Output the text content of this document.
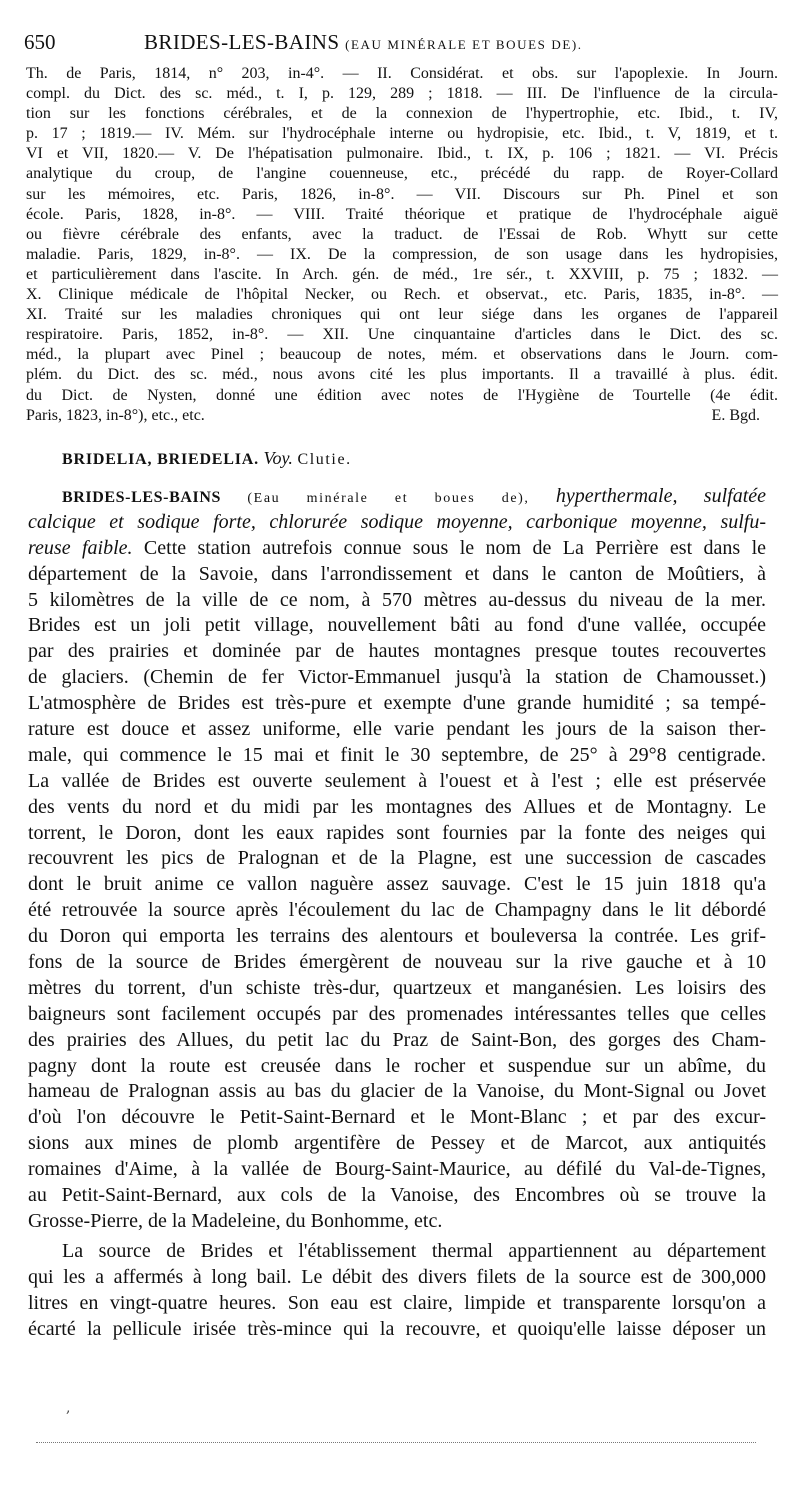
650	BRIDES-LES-BAINS (EAU MINÉRALE ET BOUES DE).
Th. de Paris, 1814, n° 203, in-4°. — II. Considérat. et obs. sur l'apoplexie. In Journ.
compl. du Dict. des sc. méd., t. I, p. 129, 289 ; 1818. — III. De l'influence de la circula-
tion sur les fonctions cérébrales, et de la connexion de l'hypertrophie, etc. Ibid., t. IV,
p. 17 ; 1819.— IV. Mém. sur l'hydrocéphale interne ou hydropisie, etc. Ibid., t. V, 1819, et t.
VI et VII, 1820.— V. De l'hépatisation pulmonaire. Ibid., t. IX, p. 106 ; 1821. — VI. Précis
analytique du croup, de l'angine couenneuse, etc., précédé du rapp. de Royer-Collard
sur les mémoires, etc. Paris, 1826, in-8°. — VII. Discours sur Ph. Pinel et son
école. Paris, 1828, in-8°. — VIII. Traité théorique et pratique de l'hydrocéphale aiguë
ou fièvre cérébrale des enfants, avec la traduct. de l'Essai de Rob. Whytt sur cette
maladie. Paris, 1829, in-8°. — IX. De la compression, de son usage dans les hydropisies,
et particulièrement dans l'ascite. In Arch. gén. de méd., 1re sér., t. XXVIII, p. 75 ; 1832. —
X. Clinique médicale de l'hôpital Necker, ou Rech. et observat., etc. Paris, 1835, in-8°. —
XI. Traité sur les maladies chroniques qui ont leur siége dans les organes de l'appareil
respiratoire. Paris, 1852, in-8°. — XII. Une cinquantaine d'articles dans le Dict. des sc.
méd., la plupart avec Pinel ; beaucoup de notes, mém. et observations dans le Journ. com-
plém. du Dict. des sc. méd., nous avons cité les plus importants. Il a travaillé à plus. édit.
du Dict. de Nysten, donné une édition avec notes de l'Hygiène de Tourtelle (4e édit.
Paris, 1823, in-8°), etc., etc.	E. Bgd.
BRIDELIA, BRIEDELIA. Voy. Clutie.
BRIDES-LES-BAINS (Eau minérale et boues de), hyperthermale, sulfatée
calcique et sodique forte, chlorurée sodique moyenne, carbonique moyenne, sulfu-
reuse faible. Cette station autrefois connue sous le nom de La Perrière est dans le
département de la Savoie, dans l'arrondissement et dans le canton de Moûtiers, à
5 kilomètres de la ville de ce nom, à 570 mètres au-dessus du niveau de la mer.
Brides est un joli petit village, nouvellement bâti au fond d'une vallée, occupée
par des prairies et dominée par de hautes montagnes presque toutes recouvertes
de glaciers. (Chemin de fer Victor-Emmanuel jusqu'à la station de Chamousset.)
L'atmosphère de Brides est très-pure et exempte d'une grande humidité ; sa tempé-
rature est douce et assez uniforme, elle varie pendant les jours de la saison ther-
male, qui commence le 15 mai et finit le 30 septembre, de 25° à 29°8 centigrade.
La vallée de Brides est ouverte seulement à l'ouest et à l'est ; elle est préservée
des vents du nord et du midi par les montagnes des Allues et de Montagny. Le
torrent, le Doron, dont les eaux rapides sont fournies par la fonte des neiges qui
recouvrent les pics de Pralognan et de la Plagne, est une succession de cascades
dont le bruit anime ce vallon naguère assez sauvage. C'est le 15 juin 1818 qu'a
été retrouvée la source après l'écoulement du lac de Champagny dans le lit débordé
du Doron qui emporta les terrains des alentours et bouleversa la contrée. Les grif-
fons de la source de Brides émergèrent de nouveau sur la rive gauche et à 10
mètres du torrent, d'un schiste très-dur, quartzeux et manganésien. Les loisirs des
baigneurs sont facilement occupés par des promenades intéressantes telles que celles
des prairies des Allues, du petit lac du Praz de Saint-Bon, des gorges des Cham-
pagny dont la route est creusée dans le rocher et suspendue sur un abîme, du
hameau de Pralognan assis au bas du glacier de la Vanoise, du Mont-Signal ou Jovet
d'où l'on découvre le Petit-Saint-Bernard et le Mont-Blanc ; et par des excur-
sions aux mines de plomb argentifère de Pessey et de Marcot, aux antiquités
romaines d'Aime, à la vallée de Bourg-Saint-Maurice, au défilé du Val-de-Tignes,
au Petit-Saint-Bernard, aux cols de la Vanoise, des Encombres où se trouve la
Grosse-Pierre, de la Madeleine, du Bonhomme, etc.
La source de Brides et l'établissement thermal appartiennent au département
qui les a affermés à long bail. Le débit des divers filets de la source est de 300,000
litres en vingt-quatre heures. Son eau est claire, limpide et transparente lorsqu'on a
écarté la pellicule irisée très-mince qui la recouvre, et quoiqu'elle laisse déposer un
,
